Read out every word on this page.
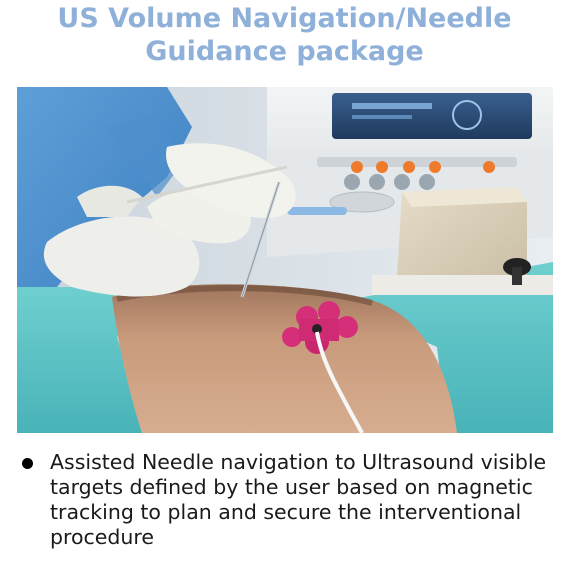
US Volume Navigation/Needle
Guidance package
Assisted Needle navigation to Ultrasound visible targets defined by the user based on magnetic tracking to plan and secure the interventional procedure
